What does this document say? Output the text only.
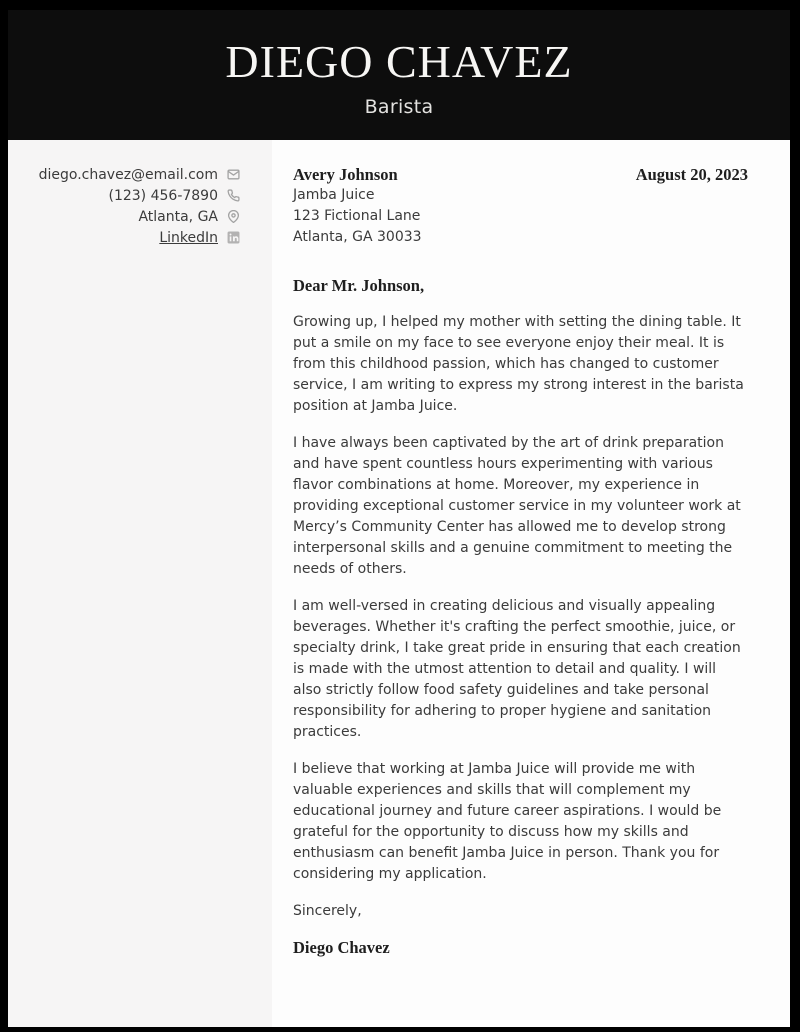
DIEGO CHAVEZ
Barista
diego.chavez@email.com
(123) 456-7890
Atlanta, GA
LinkedIn
Avery Johnson
Jamba Juice
123 Fictional Lane
Atlanta, GA 30033
August 20, 2023
Dear Mr. Johnson,

Growing up, I helped my mother with setting the dining table. It put a smile on my face to see everyone enjoy their meal. It is from this childhood passion, which has changed to customer service, I am writing to express my strong interest in the barista position at Jamba Juice.

I have always been captivated by the art of drink preparation and have spent countless hours experimenting with various flavor combinations at home. Moreover, my experience in providing exceptional customer service in my volunteer work at Mercy’s Community Center has allowed me to develop strong interpersonal skills and a genuine commitment to meeting the needs of others.

I am well-versed in creating delicious and visually appealing beverages. Whether it's crafting the perfect smoothie, juice, or specialty drink, I take great pride in ensuring that each creation is made with the utmost attention to detail and quality. I will also strictly follow food safety guidelines and take personal responsibility for adhering to proper hygiene and sanitation practices.

I believe that working at Jamba Juice will provide me with valuable experiences and skills that will complement my educational journey and future career aspirations. I would be grateful for the opportunity to discuss how my skills and enthusiasm can benefit Jamba Juice in person. Thank you for considering my application.

Sincerely,
Diego Chavez
